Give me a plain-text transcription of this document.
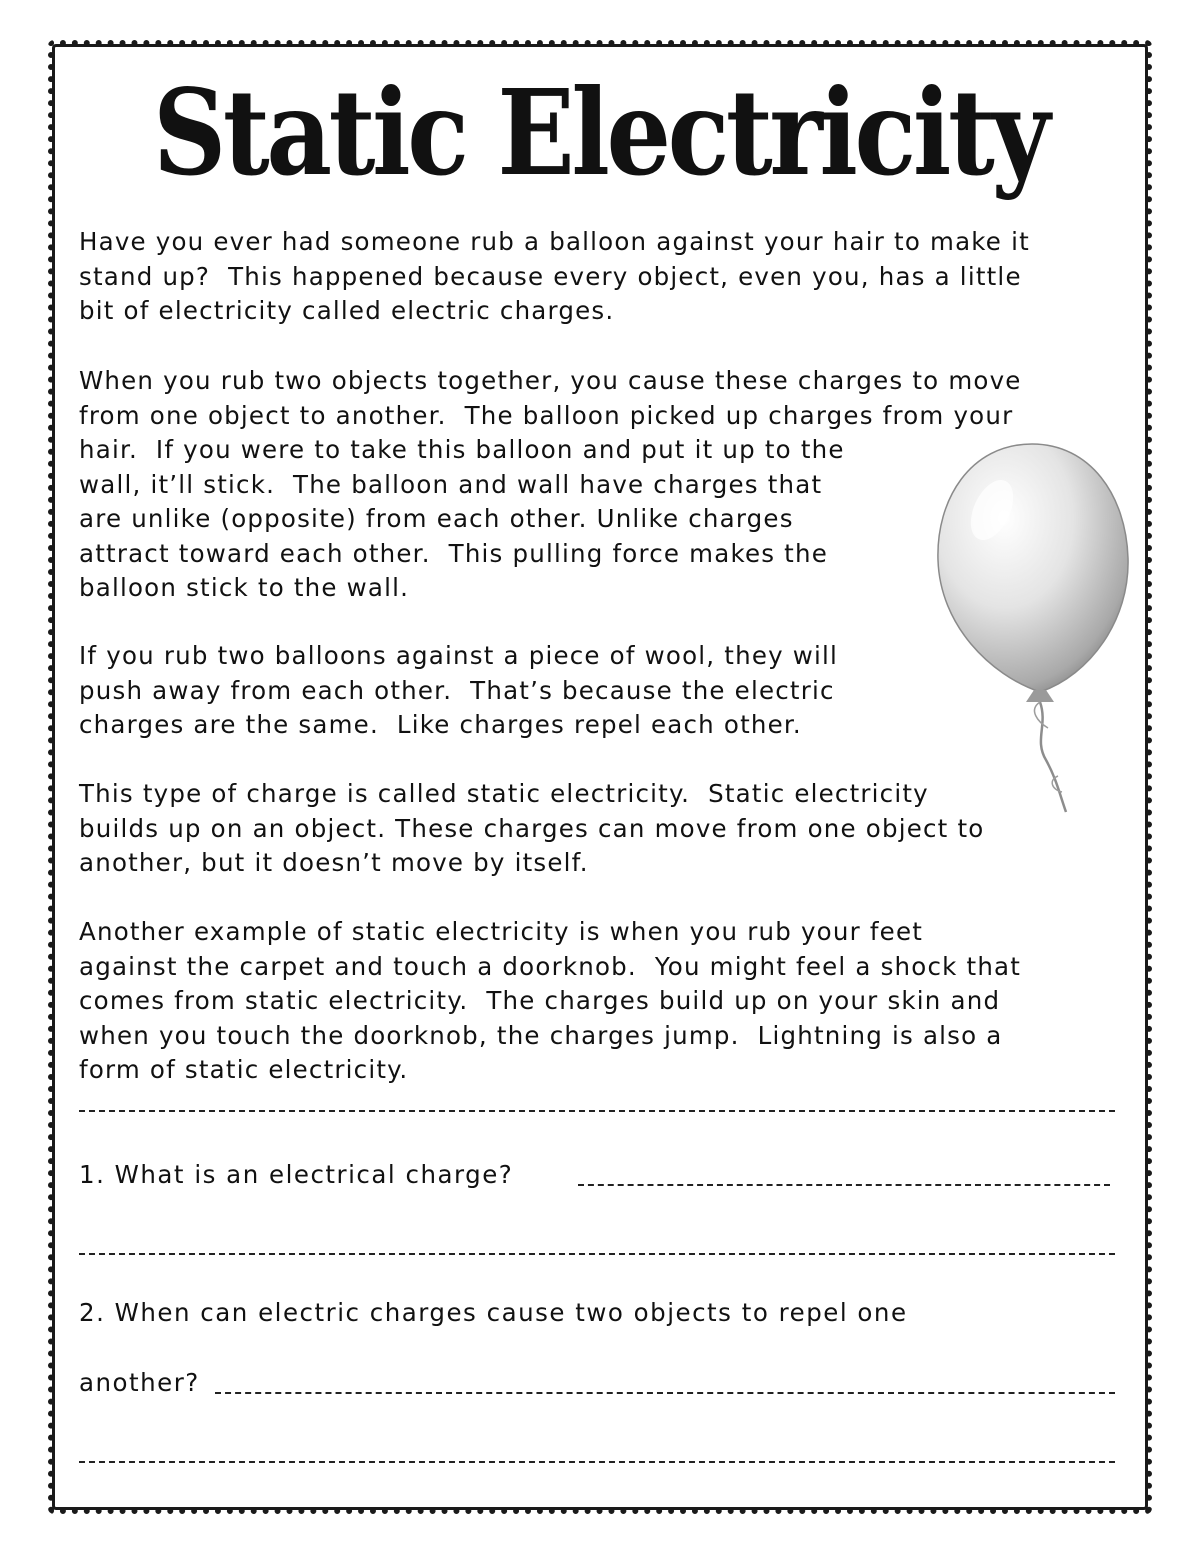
Static Electricity

Have you ever had someone rub a balloon against your hair to make it
stand up?  This happened because every object, even you, has a little
bit of electricity called electric charges.

When you rub two objects together, you cause these charges to move
from one object to another.  The balloon picked up charges from your
hair.  If you were to take this balloon and put it up to the
wall, it’ll stick.  The balloon and wall have charges that
are unlike (opposite) from each other. Unlike charges
attract toward each other.  This pulling force makes the
balloon stick to the wall.

If you rub two balloons against a piece of wool, they will
push away from each other.  That’s because the electric
charges are the same.  Like charges repel each other.

This type of charge is called static electricity.  Static electricity
builds up on an object. These charges can move from one object to
another, but it doesn’t move by itself.

Another example of static electricity is when you rub your feet
against the carpet and touch a doorknob.  You might feel a shock that
comes from static electricity.  The charges build up on your skin and
when you touch the doorknob, the charges jump.  Lightning is also a
form of static electricity.

1. What is an electrical charge?
2. When can electric charges cause two objects to repel one
another?
